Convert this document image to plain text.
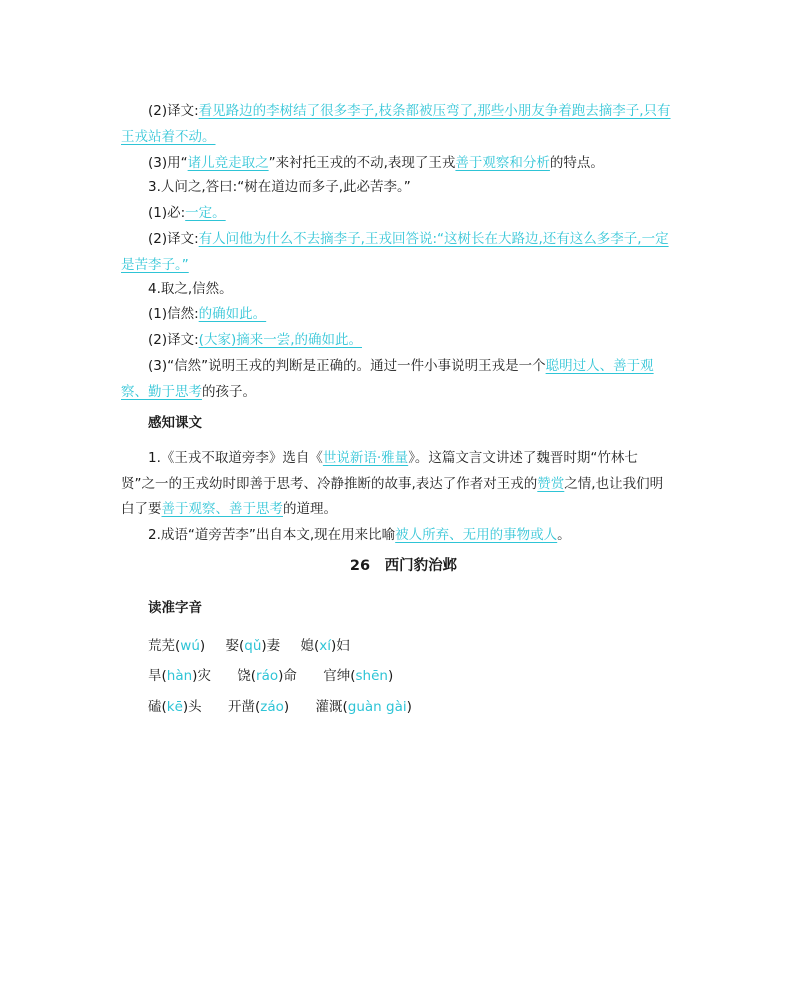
(2)译文:看见路边的李树结了很多李子,枝条都被压弯了,那些小朋友争着跑去摘李子,只有
王戎站着不动。
(3)用“诸儿竞走取之”来衬托王戎的不动,表现了王戎善于观察和分析的特点。
3.人问之,答曰:“树在道边而多子,此必苦李。”
(1)必:一定。
(2)译文:有人问他为什么不去摘李子,王戎回答说:“这树长在大路边,还有这么多李子,一定
是苦李子。”
4.取之,信然。
(1)信然:的确如此。
(2)译文:(大家)摘来一尝,的确如此。
(3)“信然”说明王戎的判断是正确的。通过一件小事说明王戎是一个聪明过人、善于观
察、勤于思考的孩子。
感知课文
1.《王戎不取道旁李》选自《世说新语·雅量》。这篇文言文讲述了魏晋时期“竹林七
贤”之一的王戎幼时即善于思考、冷静推断的故事,表达了作者对王戎的赞赏之情,也让我们明
白了要善于观察、善于思考的道理。
2.成语“道旁苦李”出自本文,现在用来比喻被人所弃、无用的事物或人。
26　西门豹治邺
读准字音
荒芜(wú) 娶(qǔ)妻 媳(xí)妇
旱(hàn)灾 饶(ráo)命 官绅(shēn)
磕(kē)头 开凿(záo) 灌溉(guàn gài)
